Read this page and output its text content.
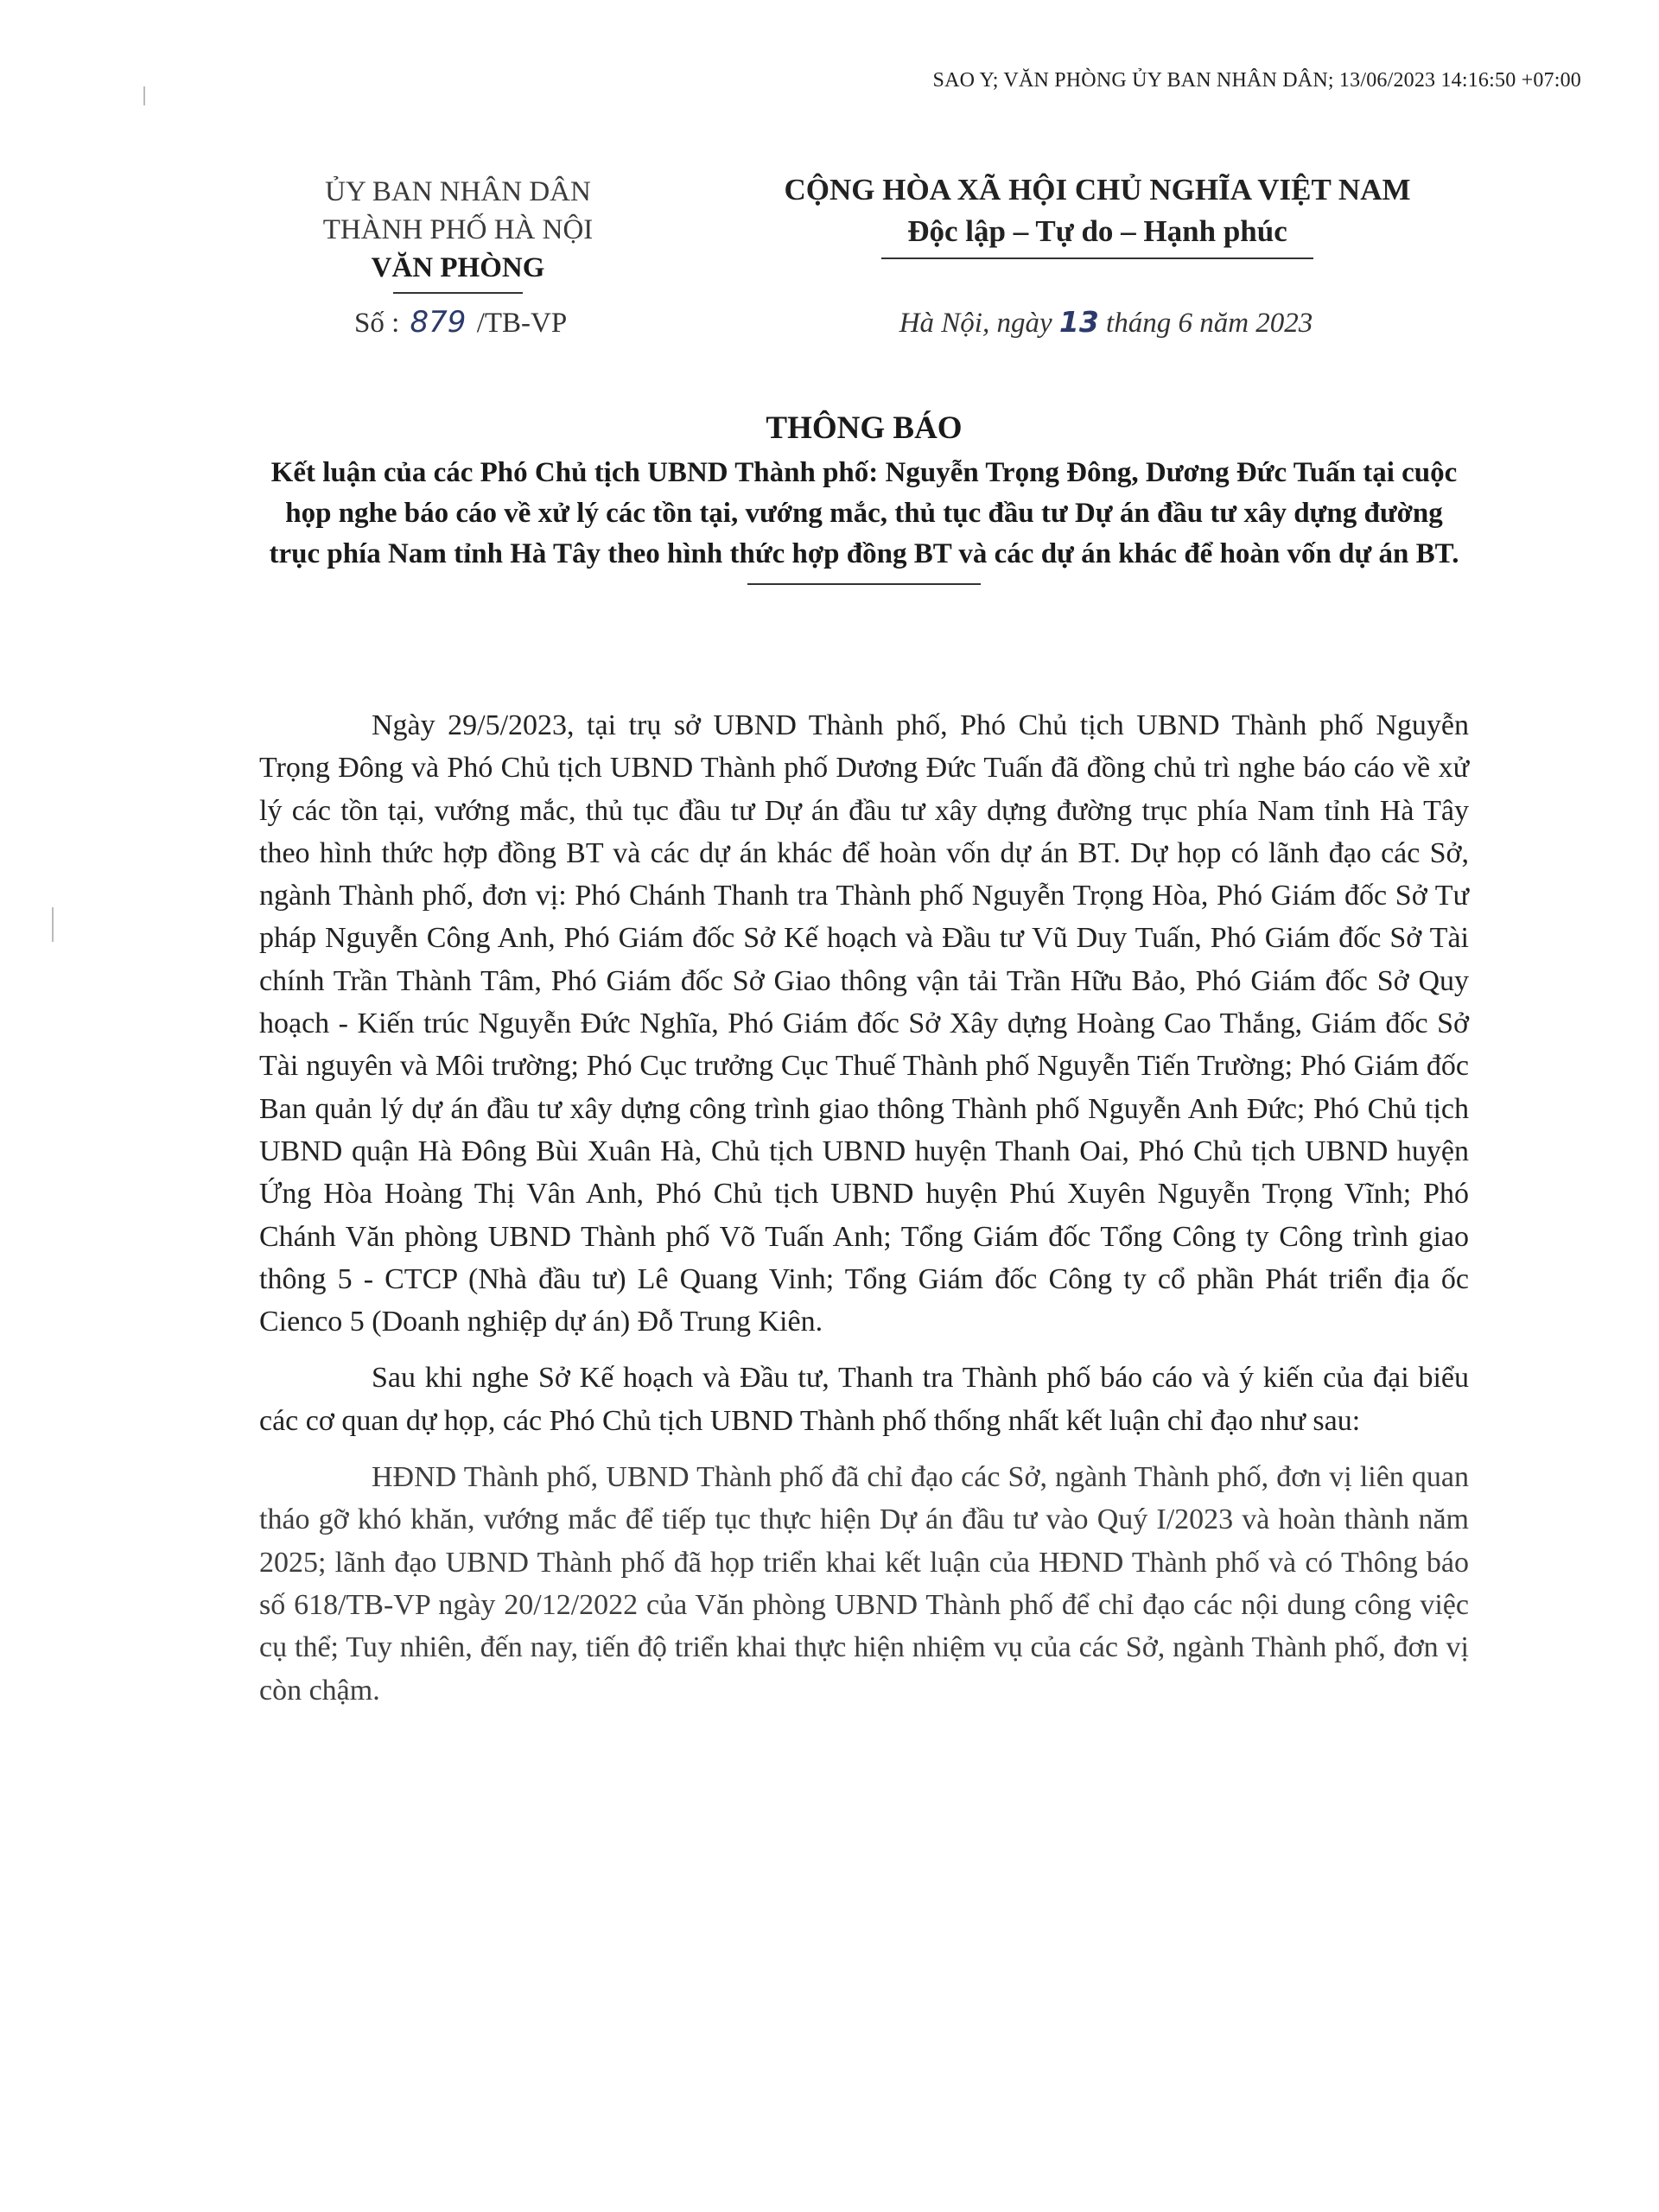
SAO Y; VĂN PHÒNG ỦY BAN NHÂN DÂN; 13/06/2023 14:16:50 +07:00
ỦY BAN NHÂN DÂN
THÀNH PHỐ HÀ NỘI
VĂN PHÒNG
CỘNG HÒA XÃ HỘI CHỦ NGHĨA VIỆT NAM
Độc lập – Tự do – Hạnh phúc
Số : 879 /TB-VP	Hà Nội, ngày 13 tháng 6 năm 2023
THÔNG BÁO
Kết luận của các Phó Chủ tịch UBND Thành phố: Nguyễn Trọng Đông, Dương Đức Tuấn tại cuộc họp nghe báo cáo về xử lý các tồn tại, vướng mắc, thủ tục đầu tư Dự án đầu tư xây dựng đường trục phía Nam tỉnh Hà Tây theo hình thức hợp đồng BT và các dự án khác để hoàn vốn dự án BT.

Ngày 29/5/2023, tại trụ sở UBND Thành phố, Phó Chủ tịch UBND Thành phố Nguyễn Trọng Đông và Phó Chủ tịch UBND Thành phố Dương Đức Tuấn đã đồng chủ trì nghe báo cáo về xử lý các tồn tại, vướng mắc, thủ tục đầu tư Dự án đầu tư xây dựng đường trục phía Nam tỉnh Hà Tây theo hình thức hợp đồng BT và các dự án khác để hoàn vốn dự án BT. Dự họp có lãnh đạo các Sở, ngành Thành phố, đơn vị: Phó Chánh Thanh tra Thành phố Nguyễn Trọng Hòa, Phó Giám đốc Sở Tư pháp Nguyễn Công Anh, Phó Giám đốc Sở Kế hoạch và Đầu tư Vũ Duy Tuấn, Phó Giám đốc Sở Tài chính Trần Thành Tâm, Phó Giám đốc Sở Giao thông vận tải Trần Hữu Bảo, Phó Giám đốc Sở Quy hoạch - Kiến trúc Nguyễn Đức Nghĩa, Phó Giám đốc Sở Xây dựng Hoàng Cao Thắng, Giám đốc Sở Tài nguyên và Môi trường; Phó Cục trưởng Cục Thuế Thành phố Nguyễn Tiến Trường; Phó Giám đốc Ban quản lý dự án đầu tư xây dựng công trình giao thông Thành phố Nguyễn Anh Đức; Phó Chủ tịch UBND quận Hà Đông Bùi Xuân Hà, Chủ tịch UBND huyện Thanh Oai, Phó Chủ tịch UBND huyện Ứng Hòa Hoàng Thị Vân Anh, Phó Chủ tịch UBND huyện Phú Xuyên Nguyễn Trọng Vĩnh; Phó Chánh Văn phòng UBND Thành phố Võ Tuấn Anh; Tổng Giám đốc Tổng Công ty Công trình giao thông 5 - CTCP (Nhà đầu tư) Lê Quang Vinh; Tổng Giám đốc Công ty cổ phần Phát triển địa ốc Cienco 5 (Doanh nghiệp dự án) Đỗ Trung Kiên.

Sau khi nghe Sở Kế hoạch và Đầu tư, Thanh tra Thành phố báo cáo và ý kiến của đại biểu các cơ quan dự họp, các Phó Chủ tịch UBND Thành phố thống nhất kết luận chỉ đạo như sau:

HĐND Thành phố, UBND Thành phố đã chỉ đạo các Sở, ngành Thành phố, đơn vị liên quan tháo gỡ khó khăn, vướng mắc để tiếp tục thực hiện Dự án đầu tư vào Quý I/2023 và hoàn thành năm 2025; lãnh đạo UBND Thành phố đã họp triển khai kết luận của HĐND Thành phố và có Thông báo số 618/TB-VP ngày 20/12/2022 của Văn phòng UBND Thành phố để chỉ đạo các nội dung công việc cụ thể; Tuy nhiên, đến nay, tiến độ triển khai thực hiện nhiệm vụ của các Sở, ngành Thành phố, đơn vị còn chậm.
